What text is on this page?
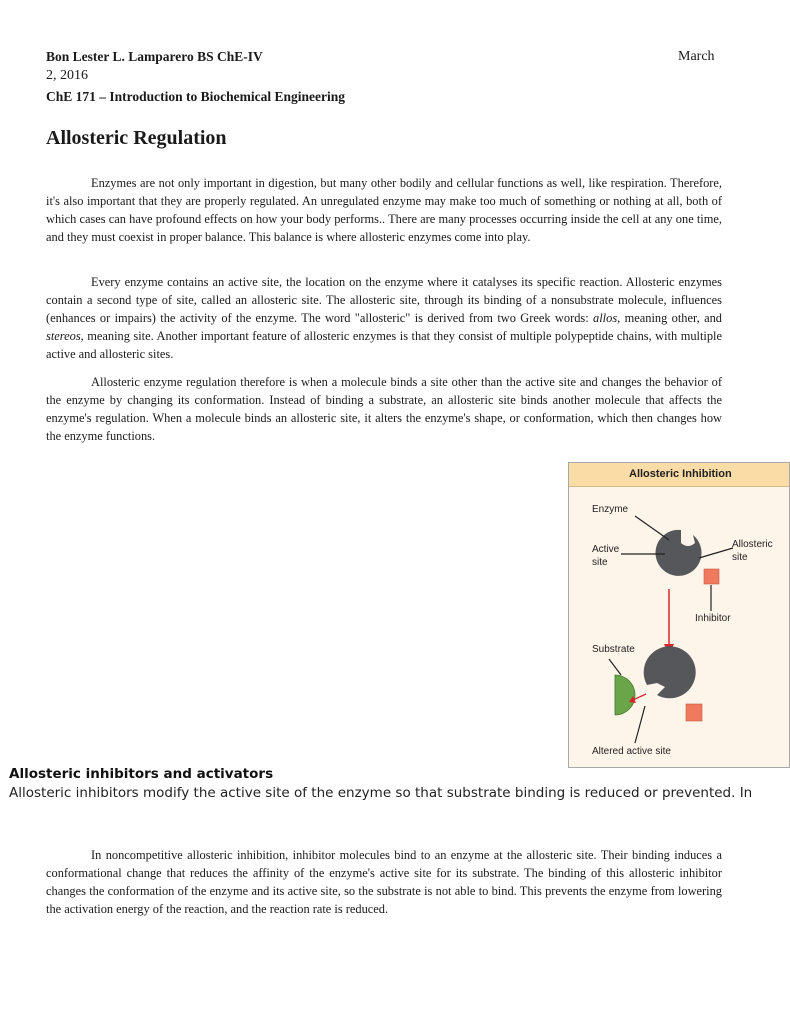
Bon Lester L. Lamparero BS ChE-IV	March
2, 2016
ChE 171 – Introduction to Biochemical Engineering
Allosteric Regulation

Enzymes are not only important in digestion, but many other bodily and cellular functions as well, like respiration. Therefore, it's also important that they are properly regulated. An unregulated enzyme may make too much of something or nothing at all, both of which cases can have profound effects on how your body performs.. There are many processes occurring inside the cell at any one time, and they must coexist in proper balance. This balance is where allosteric enzymes come into play.

Every enzyme contains an active site, the location on the enzyme where it catalyses its specific reaction. Allosteric enzymes contain a second type of site, called an allosteric site. The allosteric site, through its binding of a nonsubstrate molecule, influences (enhances or impairs) the activity of the enzyme. The word "allosteric" is derived from two Greek words: allos, meaning other, and stereos, meaning site. Another important feature of allosteric enzymes is that they consist of multiple polypeptide chains, with multiple active and allosteric sites.

Allosteric enzyme regulation therefore is when a molecule binds a site other than the active site and changes the behavior of the enzyme by changing its conformation. Instead of binding a substrate, an allosteric site binds another molecule that affects the enzyme's regulation. When a molecule binds an allosteric site, it alters the enzyme's shape, or conformation, which then changes how the enzyme functions.

Allosteric Inhibition
Enzyme
Active
site
Allosteric
site
Inhibitor
Substrate
Altered active site
Allosteric inhibitors and activators
Allosteric inhibitors modify the active site of the enzyme so that substrate binding is reduced or prevented. In

In noncompetitive allosteric inhibition, inhibitor molecules bind to an enzyme at the allosteric site. Their binding induces a conformational change that reduces the affinity of the enzyme's active site for its substrate. The binding of this allosteric inhibitor changes the conformation of the enzyme and its active site, so the substrate is not able to bind. This prevents the enzyme from lowering the activation energy of the reaction, and the reaction rate is reduced.
